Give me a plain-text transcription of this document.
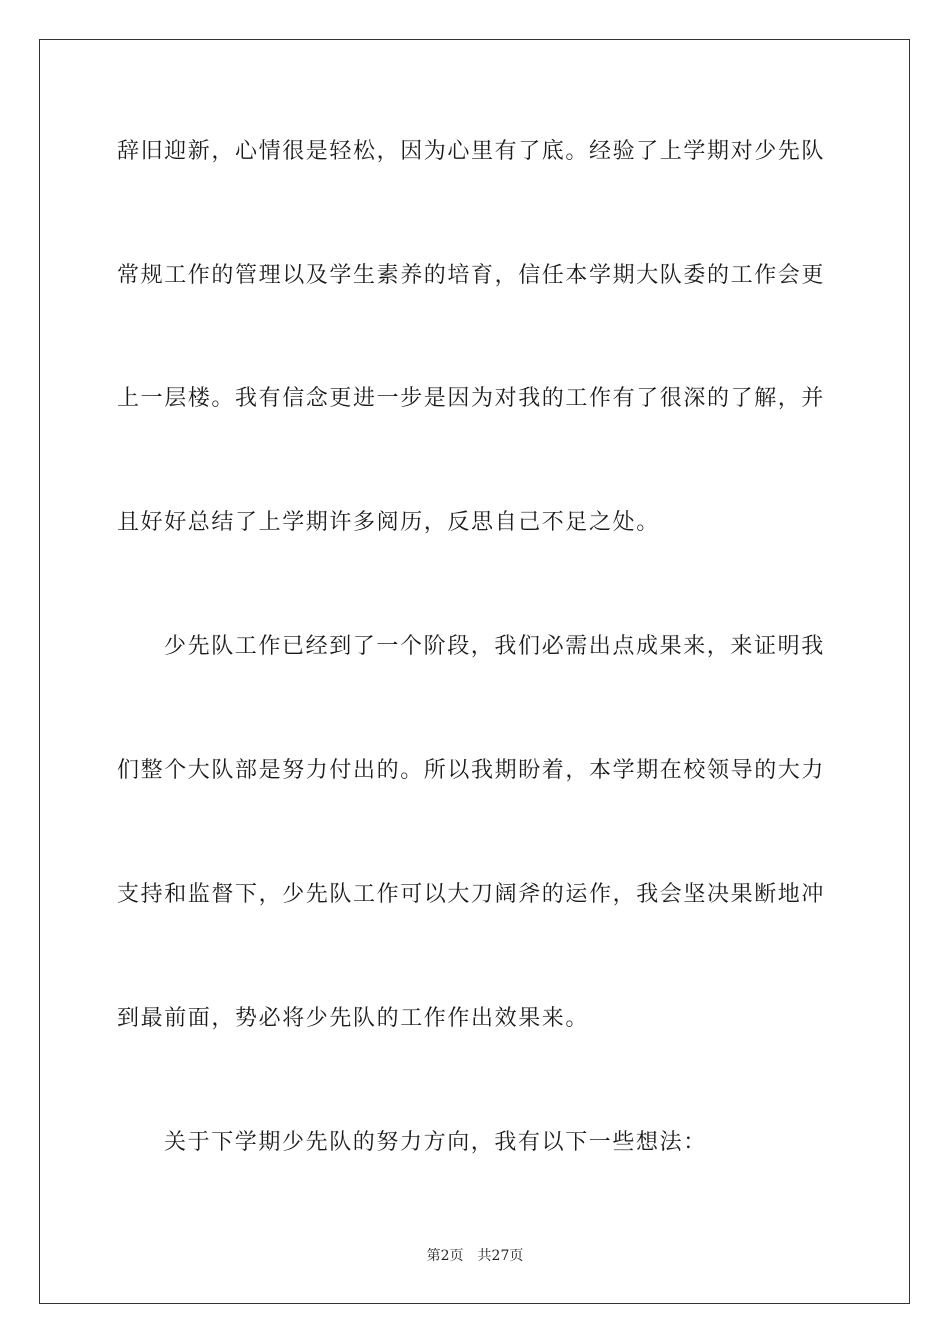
辞旧迎新，心情很是轻松，因为心里有了底。经验了上学期对少先队
常规工作的管理以及学生素养的培育，信任本学期大队委的工作会更
上一层楼。我有信念更进一步是因为对我的工作有了很深的了解，并
且好好总结了上学期许多阅历，反思自己不足之处。
少先队工作已经到了一个阶段，我们必需出点成果来，来证明我
们整个大队部是努力付出的。所以我期盼着，本学期在校领导的大力
支持和监督下，少先队工作可以大刀阔斧的运作，我会坚决果断地冲
到最前面，势必将少先队的工作作出效果来。
关于下学期少先队的努力方向，我有以下一些想法：
第2页 共27页
